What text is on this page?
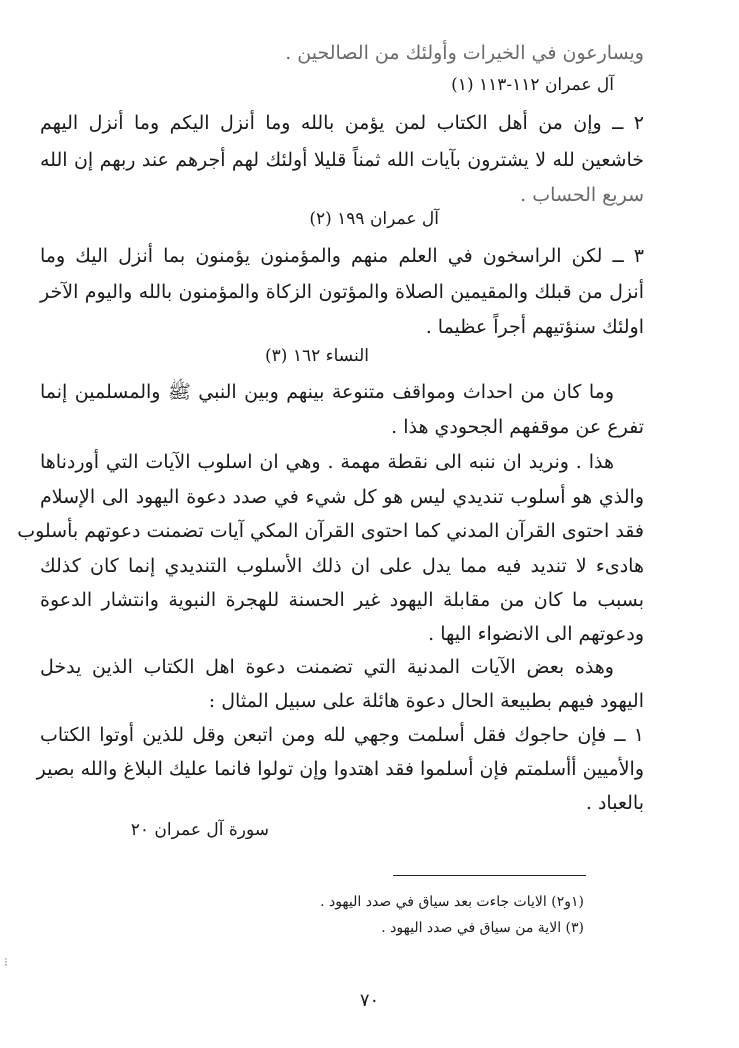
ويسارعون في الخيرات وأولئك من الصالحين .
آل عمران ١١٢-١١٣ (١)
٢ ــ وإن من أهل الكتاب لمن يؤمن بالله وما أنزل اليكم وما أنزل اليهم
خاشعين لله لا يشترون بآيات الله ثمناً قليلا أولئك لهم أجرهم عند ربهم إن الله
سريع الحساب .
آل عمران ١٩٩ (٢)
٣ ــ لكن الراسخون في العلم منهم والمؤمنون يؤمنون بما أنزل اليك وما
أنزل من قبلك والمقيمين الصلاة والمؤتون الزكاة والمؤمنون بالله واليوم الآخر
اولئك سنؤتيهم أجراً عظيما .
النساء ١٦٢ (٣)
وما كان من احداث ومواقف متنوعة بينهم وبين النبي ﷺ والمسلمين إنما
تفرع عن موقفهم الجحودي هذا .
هذا . ونريد ان ننبه الى نقطة مهمة . وهي ان اسلوب الآيات التي أوردناها
والذي هو أسلوب تنديدي ليس هو كل شيء في صدد دعوة اليهود الى الإسلام
فقد احتوى القرآن المدني كما احتوى القرآن المكي آيات تضمنت دعوتهم بأسلوب
هادىء لا تنديد فيه مما يدل على ان ذلك الأسلوب التنديدي إنما كان كذلك
بسبب ما كان من مقابلة اليهود غير الحسنة للهجرة النبوية وانتشار الدعوة
ودعوتهم الى الانضواء اليها .
وهذه بعض الآيات المدنية التي تضمنت دعوة اهل الكتاب الذين يدخل
اليهود فيهم بطبيعة الحال دعوة هائلة على سبيل المثال :
١ ــ فإن حاجوك فقل أسلمت وجهي لله ومن اتبعن وقل للذين أوتوا الكتاب
والأميين أأسلمتم فإن أسلموا فقد اهتدوا وإن تولوا فانما عليك البلاغ والله بصير
بالعباد .
سورة آل عمران ٢٠
(١و٢) الايات جاءت بعد سياق في صدد اليهود .
(٣) الاية من سياق في صدد اليهود .
⁝
٧٠
